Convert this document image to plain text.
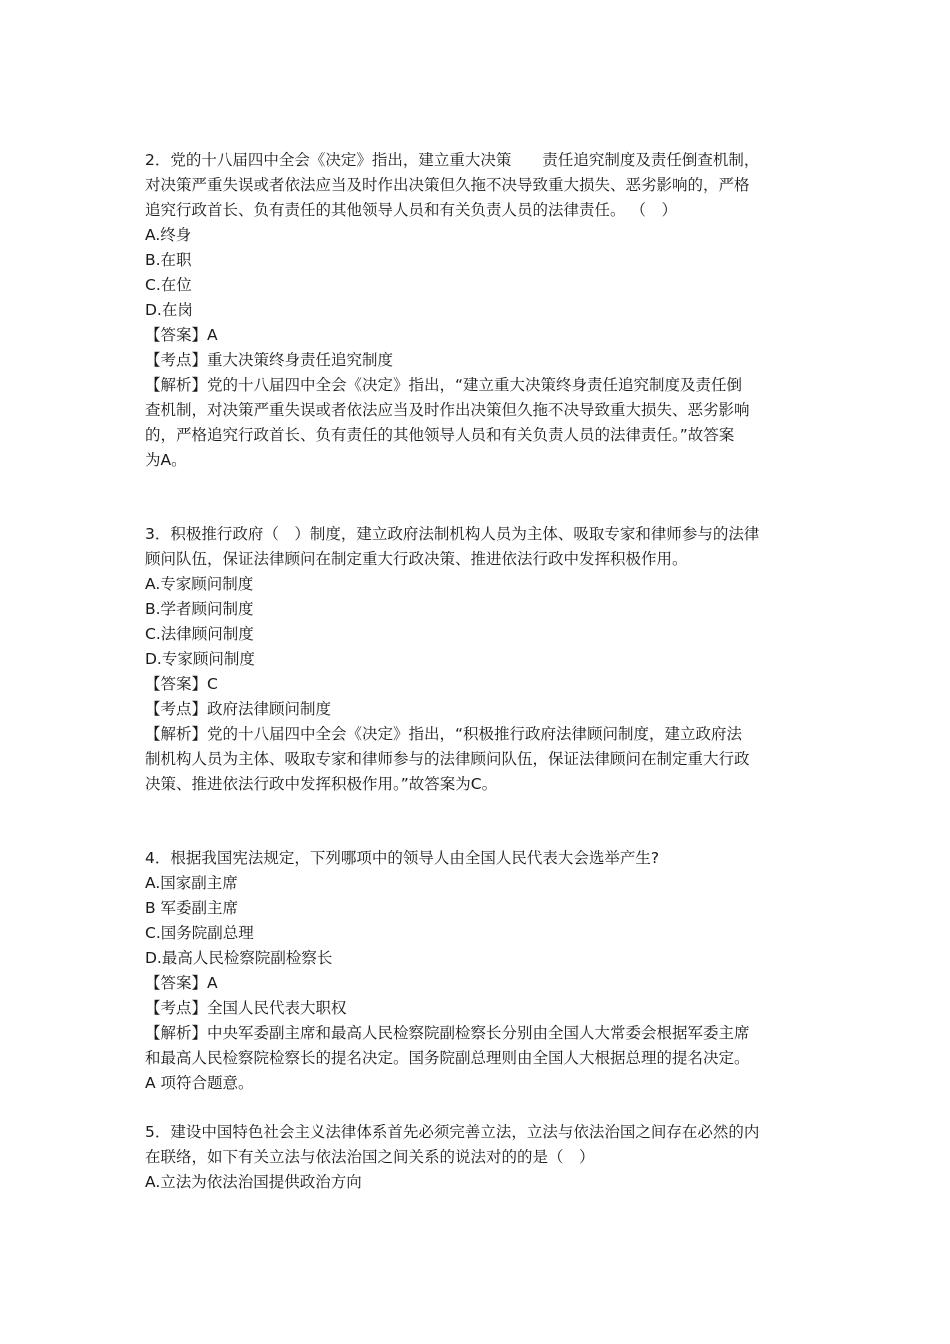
2．党的十八届四中全会《决定》指出，建立重大决策　　责任追究制度及责任倒查机制， 对决策严重失误或者依法应当及时作出决策但久拖不决导致重大损失、恶劣影响的，严格 追究行政首长、负有责任的其他领导人员和有关负责人员的法律责任。 （　）
A.终身
B.在职
C.在位
D.在岗
【答案】A
【考点】重大决策终身责任追究制度
【解析】党的十八届四中全会《决定》指出，“建立重大决策终身责任追究制度及责任倒
查机制，对决策严重失误或者依法应当及时作出决策但久拖不决导致重大损失、恶劣影响
的，严格追究行政首长、负有责任的其他领导人员和有关负责人员的法律责任。”故答案
为A。
3．积极推行政府（　）制度，建立政府法制机构人员为主体、吸取专家和律师参与的法律 顾问队伍，保证法律顾问在制定重大行政决策、推进依法行政中发挥积极作用。
A.专家顾问制度
B.学者顾问制度
C.法律顾问制度
D.专家顾问制度
【答案】C
【考点】政府法律顾问制度
【解析】党的十八届四中全会《决定》指出，“积极推行政府法律顾问制度，建立政府法
制机构人员为主体、吸取专家和律师参与的法律顾问队伍，保证法律顾问在制定重大行政
决策、推进依法行政中发挥积极作用。”故答案为C。
4．根据我国宪法规定，下列哪项中的领导人由全国人民代表大会选举产生?
A.国家副主席
B 军委副主席
C.国务院副总理
D.最高人民检察院副检察长
【答案】A
【考点】全国人民代表大职权
【解析】中央军委副主席和最高人民检察院副检察长分别由全国人大常委会根据军委主席
和最高人民检察院检察长的提名决定。国务院副总理则由全国人大根据总理的提名决定。
A 项符合题意。
5．建设中国特色社会主义法律体系首先必须完善立法，立法与依法治国之间存在必然的内 在联络，如下有关立法与依法治国之间关系的说法对的的是（　）
A.立法为依法治国提供政治方向
